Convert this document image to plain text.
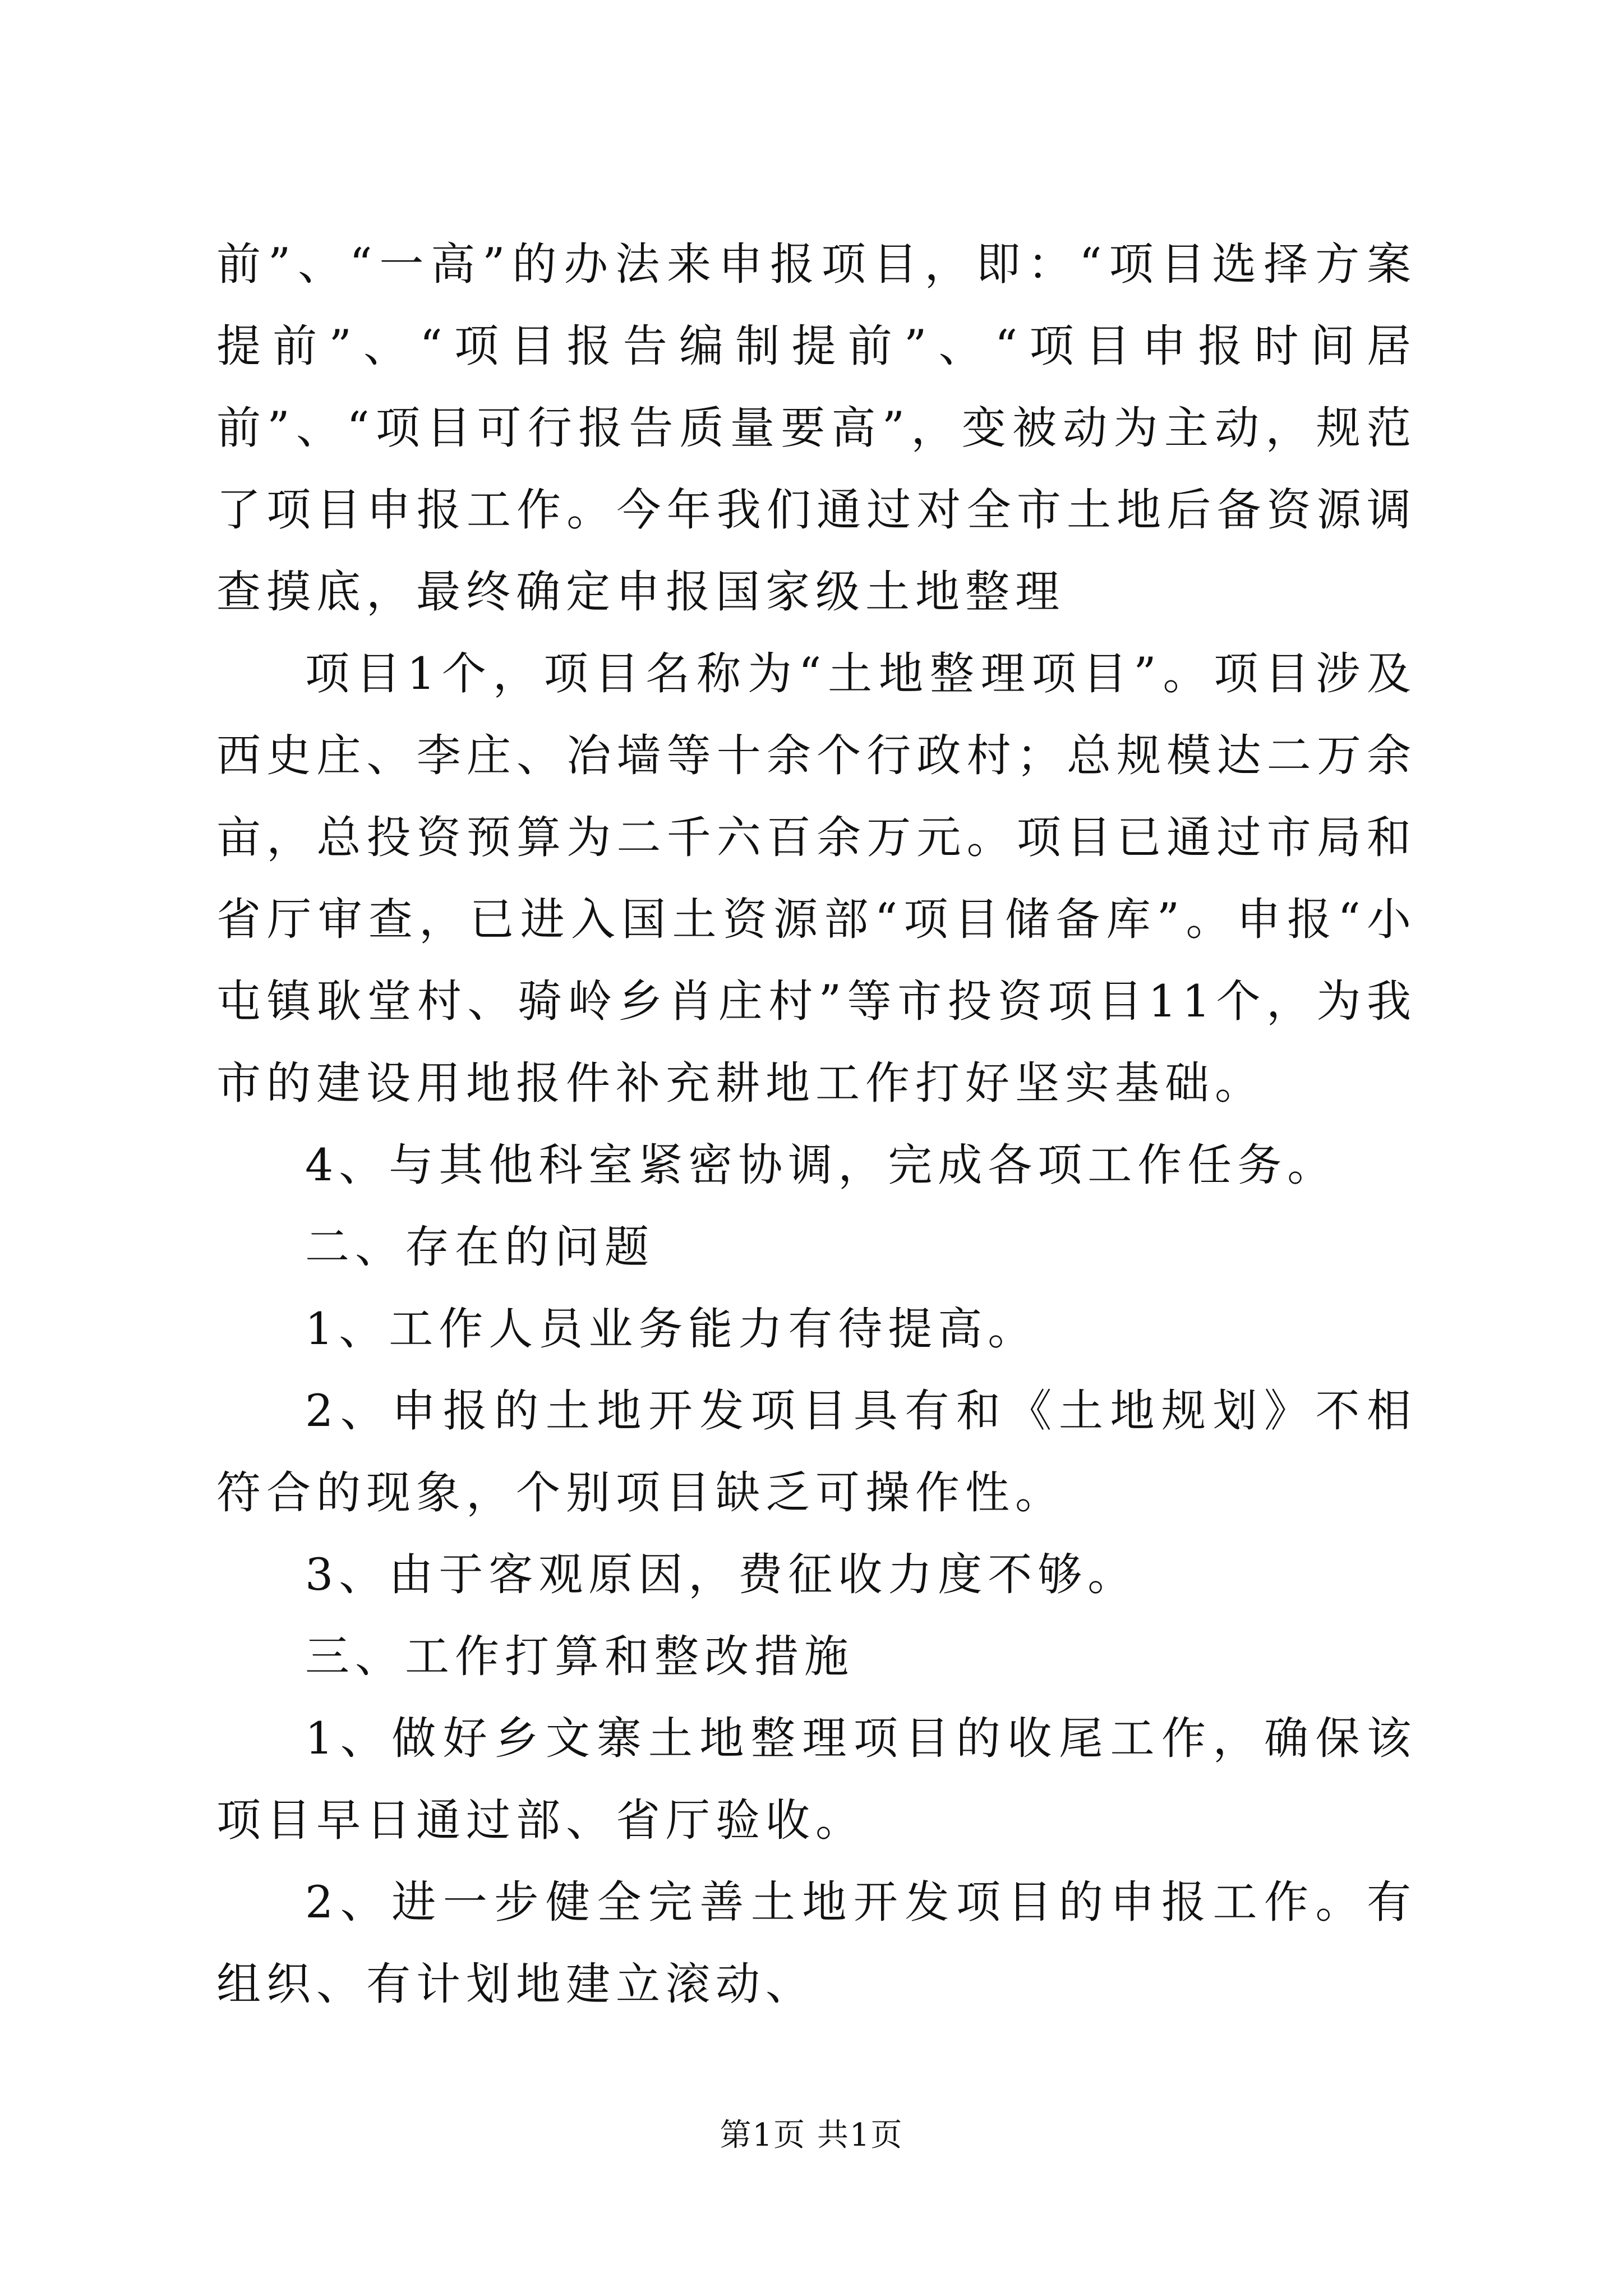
前”、“一高”的办法来申报项目，即：“项目选择方案提前”、“项目报告编制提前”、“项目申报时间居前”、“项目可行报告质量要高”，变被动为主动，规范了项目申报工作。今年我们通过对全市土地后备资源调查摸底，最终确定申报国家级土地整理

项目1个，项目名称为“土地整理项目”。项目涉及西史庄、李庄、冶墙等十余个行政村；总规模达二万余亩，总投资预算为二千六百余万元。项目已通过市局和省厅审查，已进入国土资源部“项目储备库”。申报“小屯镇耿堂村、骑岭乡肖庄村”等市投资项目11个，为我市的建设用地报件补充耕地工作打好坚实基础。

4、与其他科室紧密协调，完成各项工作任务。

二、存在的问题

1、工作人员业务能力有待提高。

2、申报的土地开发项目具有和《土地规划》不相符合的现象，个别项目缺乏可操作性。

3、由于客观原因，费征收力度不够。

三、工作打算和整改措施

1、做好乡文寨土地整理项目的收尾工作，确保该项目早日通过部、省厅验收。

2、进一步健全完善土地开发项目的申报工作。有组织、有计划地建立滚动、

第1页 共1页
